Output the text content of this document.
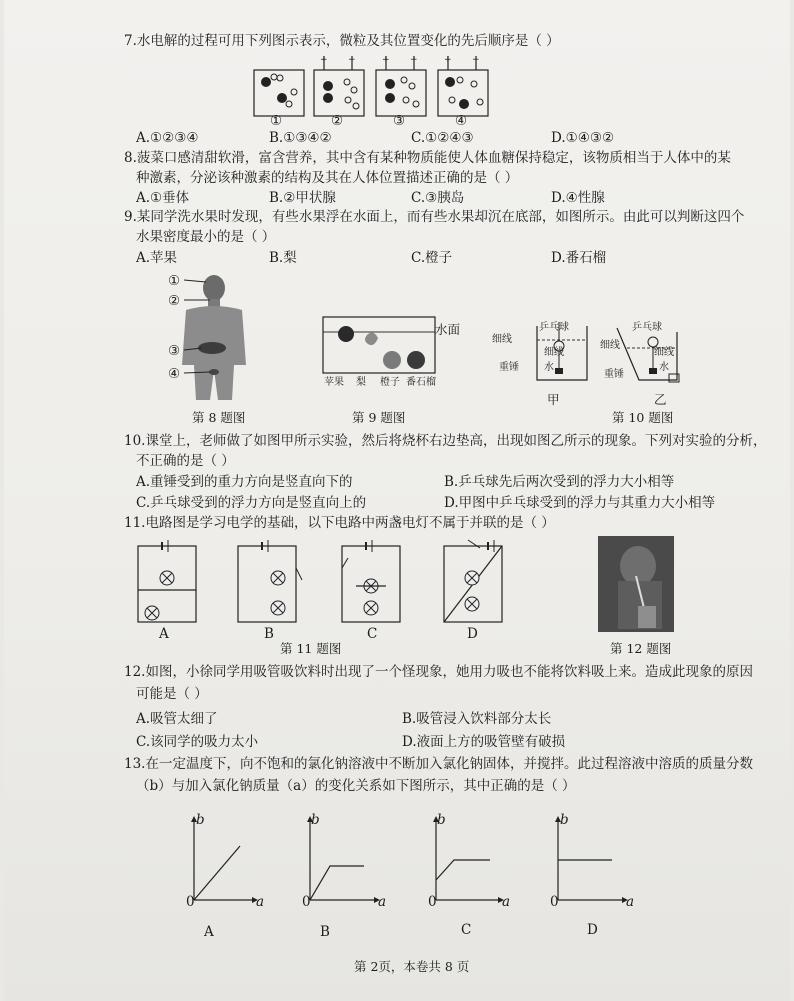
7.水电解的过程可用下列图示表示，微粒及其位置变化的先后顺序是（ ）
+ −	+ −	+ −
①	②	③	④
A.①②③④	B.①③④②	C.①②④③	D.①④③②
8.菠菜口感清甜软滑，富含营养，其中含有某种物质能使人体血糖保持稳定，该物质相当于人体中的某
种激素，分泌该种激素的结构及其在人体位置描述正确的是（ ）
A.①垂体	B.②甲状腺	C.③胰岛	D.④性腺
9.某同学洗水果时发现，有些水果浮在水面上，而有些水果却沉在底部，如图所示。由此可以判断这四个
水果密度最小的是（ ）
A.苹果	B.梨	C.橙子	D.番石榴
①
②
③
④
第 8 题图
水面
苹果 梨 橙子 番石榴
第 9 题图
乒乓球
细线
细线
水
重锤
乒乓球
细线
细线
水
重锤
甲	乙
第 10 题图
10.课堂上，老师做了如图甲所示实验，然后将烧杯右边垫高，出现如图乙所示的现象。下列对实验的分析，
不正确的是（ ）
A.重锤受到的重力方向是竖直向下的	B.乒乓球先后两次受到的浮力大小相等
C.乒乓球受到的浮力方向是竖直向上的	D.甲图中乒乓球受到的浮力与其重力大小相等
11.电路图是学习电学的基础，以下电路中两盏电灯不属于并联的是（ ）
A	B	C	D
第 11 题图	第 12 题图
12.如图，小徐同学用吸管吸饮料时出现了一个怪现象，她用力吸也不能将饮料吸上来。造成此现象的原因
可能是（ ）
A.吸管太细了	B.吸管浸入饮料部分太长
C.该同学的吸力太小	D.液面上方的吸管壁有破损
13.在一定温度下，向不饱和的氯化钠溶液中不断加入氯化钠固体，并搅拌。此过程溶液中溶质的质量分数
（b）与加入氯化钠质量（a）的变化关系如下图所示，其中正确的是（ ）
b	b	b	b
0	0	0	0
a	a	a	a
A	B	C	D
第 2页，本卷共 8 页
